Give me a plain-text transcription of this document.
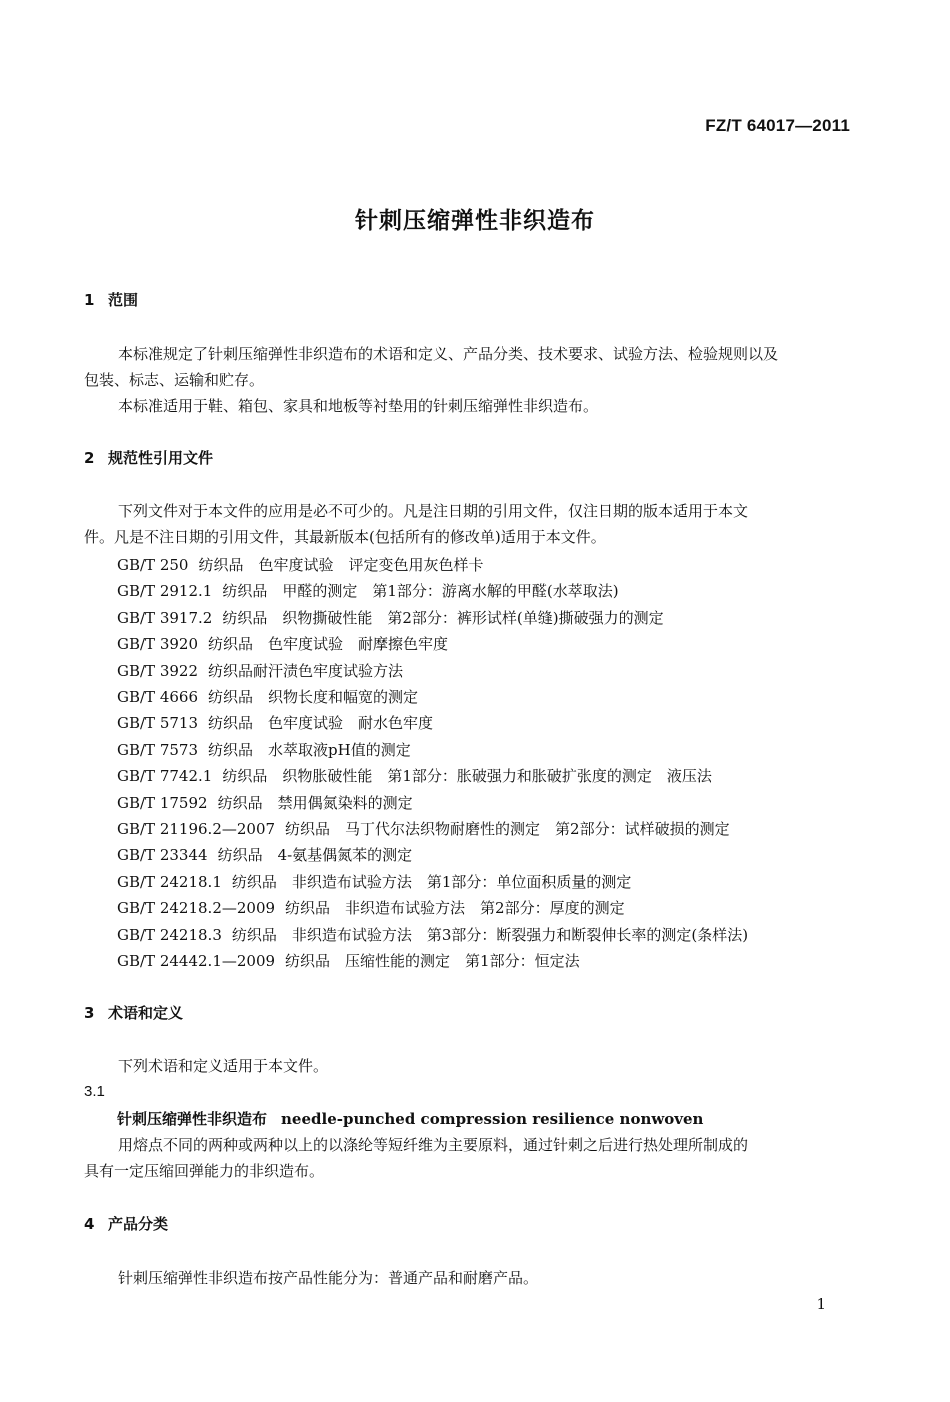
FZ/T 64017—2011
针刺压缩弹性非织造布
1 范围
本标准规定了针刺压缩弹性非织造布的术语和定义、产品分类、技术要求、试验方法、检验规则以及
包装、标志、运输和贮存。
本标准适用于鞋、箱包、家具和地板等衬垫用的针刺压缩弹性非织造布。
2 规范性引用文件
下列文件对于本文件的应用是必不可少的。凡是注日期的引用文件，仅注日期的版本适用于本文
件。凡是不注日期的引用文件，其最新版本(包括所有的修改单)适用于本文件。
GB/T 250 纺织品　色牢度试验　评定变色用灰色样卡
GB/T 2912.1 纺织品　甲醛的测定　第1部分：游离水解的甲醛(水萃取法)
GB/T 3917.2 纺织品　织物撕破性能　第2部分：裤形试样(单缝)撕破强力的测定
GB/T 3920 纺织品　色牢度试验　耐摩擦色牢度
GB/T 3922 纺织品耐汗渍色牢度试验方法
GB/T 4666 纺织品　织物长度和幅宽的测定
GB/T 5713 纺织品　色牢度试验　耐水色牢度
GB/T 7573 纺织品　水萃取液pH值的测定
GB/T 7742.1 纺织品　织物胀破性能　第1部分：胀破强力和胀破扩张度的测定　液压法
GB/T 17592 纺织品　禁用偶氮染料的测定
GB/T 21196.2—2007 纺织品　马丁代尔法织物耐磨性的测定　第2部分：试样破损的测定
GB/T 23344 纺织品　4-氨基偶氮苯的测定
GB/T 24218.1 纺织品　非织造布试验方法　第1部分：单位面积质量的测定
GB/T 24218.2—2009 纺织品　非织造布试验方法　第2部分：厚度的测定
GB/T 24218.3 纺织品　非织造布试验方法　第3部分：断裂强力和断裂伸长率的测定(条样法)
GB/T 24442.1—2009 纺织品　压缩性能的测定　第1部分：恒定法
3 术语和定义
下列术语和定义适用于本文件。
3.1
针刺压缩弹性非织造布 needle-punched compression resilience nonwoven
用熔点不同的两种或两种以上的以涤纶等短纤维为主要原料，通过针刺之后进行热处理所制成的
具有一定压缩回弹能力的非织造布。
4 产品分类
针刺压缩弹性非织造布按产品性能分为：普通产品和耐磨产品。
1
